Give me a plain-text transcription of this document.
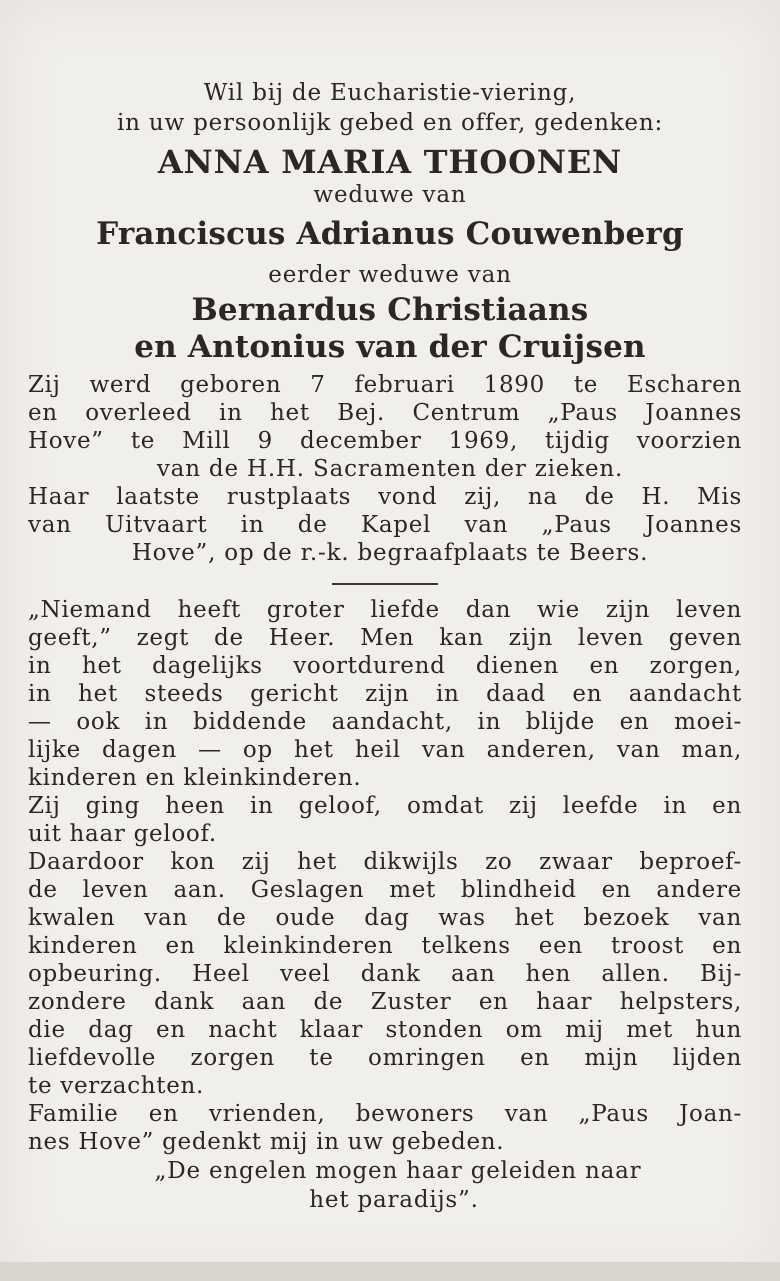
Wil bij de Eucharistie-viering,
in uw persoonlijk gebed en offer, gedenken:
ANNA MARIA THOONEN
weduwe van
Franciscus Adrianus Couwenberg
eerder weduwe van
Bernardus Christiaans
en Antonius van der Cruijsen
Zij werd geboren 7 februari 1890 te Escharen
en overleed in het Bej. Centrum „Paus Joannes
Hove” te Mill 9 december 1969, tijdig voorzien
van de H.H. Sacramenten der zieken.
Haar laatste rustplaats vond zij, na de H. Mis
van Uitvaart in de Kapel van „Paus Joannes
Hove”, op de r.-k. begraafplaats te Beers.
„Niemand heeft groter liefde dan wie zijn leven
geeft,” zegt de Heer. Men kan zijn leven geven
in het dagelijks voortdurend dienen en zorgen,
in het steeds gericht zijn in daad en aandacht
— ook in biddende aandacht, in blijde en moei-
lijke dagen — op het heil van anderen, van man,
kinderen en kleinkinderen.
Zij ging heen in geloof, omdat zij leefde in en
uit haar geloof.
Daardoor kon zij het dikwijls zo zwaar beproef-
de leven aan. Geslagen met blindheid en andere
kwalen van de oude dag was het bezoek van
kinderen en kleinkinderen telkens een troost en
opbeuring. Heel veel dank aan hen allen. Bij-
zondere dank aan de Zuster en haar helpsters,
die dag en nacht klaar stonden om mij met hun
liefdevolle zorgen te omringen en mijn lijden
te verzachten.
Familie en vrienden, bewoners van „Paus Joan-
nes Hove” gedenkt mij in uw gebeden.
„De engelen mogen haar geleiden naar
het paradijs”.
